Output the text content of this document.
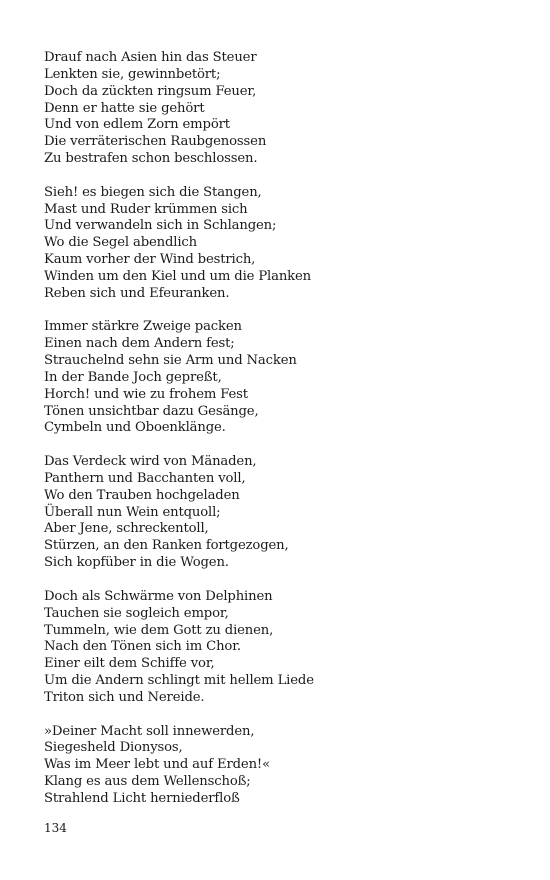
Drauf nach Asien hin das Steuer
Lenkten sie, gewinnbetört;
Doch da zückten ringsum Feuer,
Denn er hatte sie gehört
Und von edlem Zorn empört
Die verräterischen Raubgenossen
Zu bestrafen schon beschlossen.
Sieh! es biegen sich die Stangen,
Mast und Ruder krümmen sich
Und verwandeln sich in Schlangen;
Wo die Segel abendlich
Kaum vorher der Wind bestrich,
Winden um den Kiel und um die Planken
Reben sich und Efeuranken.
Immer stärkre Zweige packen
Einen nach dem Andern fest;
Strauchelnd sehn sie Arm und Nacken
In der Bande Joch gepreßt,
Horch! und wie zu frohem Fest
Tönen unsichtbar dazu Gesänge,
Cymbeln und Oboenklänge.
Das Verdeck wird von Mänaden,
Panthern und Bacchanten voll,
Wo den Trauben hochgeladen
Überall nun Wein entquoll;
Aber Jene, schreckentoll,
Stürzen, an den Ranken fortgezogen,
Sich kopfüber in die Wogen.
Doch als Schwärme von Delphinen
Tauchen sie sogleich empor,
Tummeln, wie dem Gott zu dienen,
Nach den Tönen sich im Chor.
Einer eilt dem Schiffe vor,
Um die Andern schlingt mit hellem Liede
Triton sich und Nereide.
»Deiner Macht soll innewerden,
Siegesheld Dionysos,
Was im Meer lebt und auf Erden!«
Klang es aus dem Wellenschoß;
Strahlend Licht herniederfloß
134
